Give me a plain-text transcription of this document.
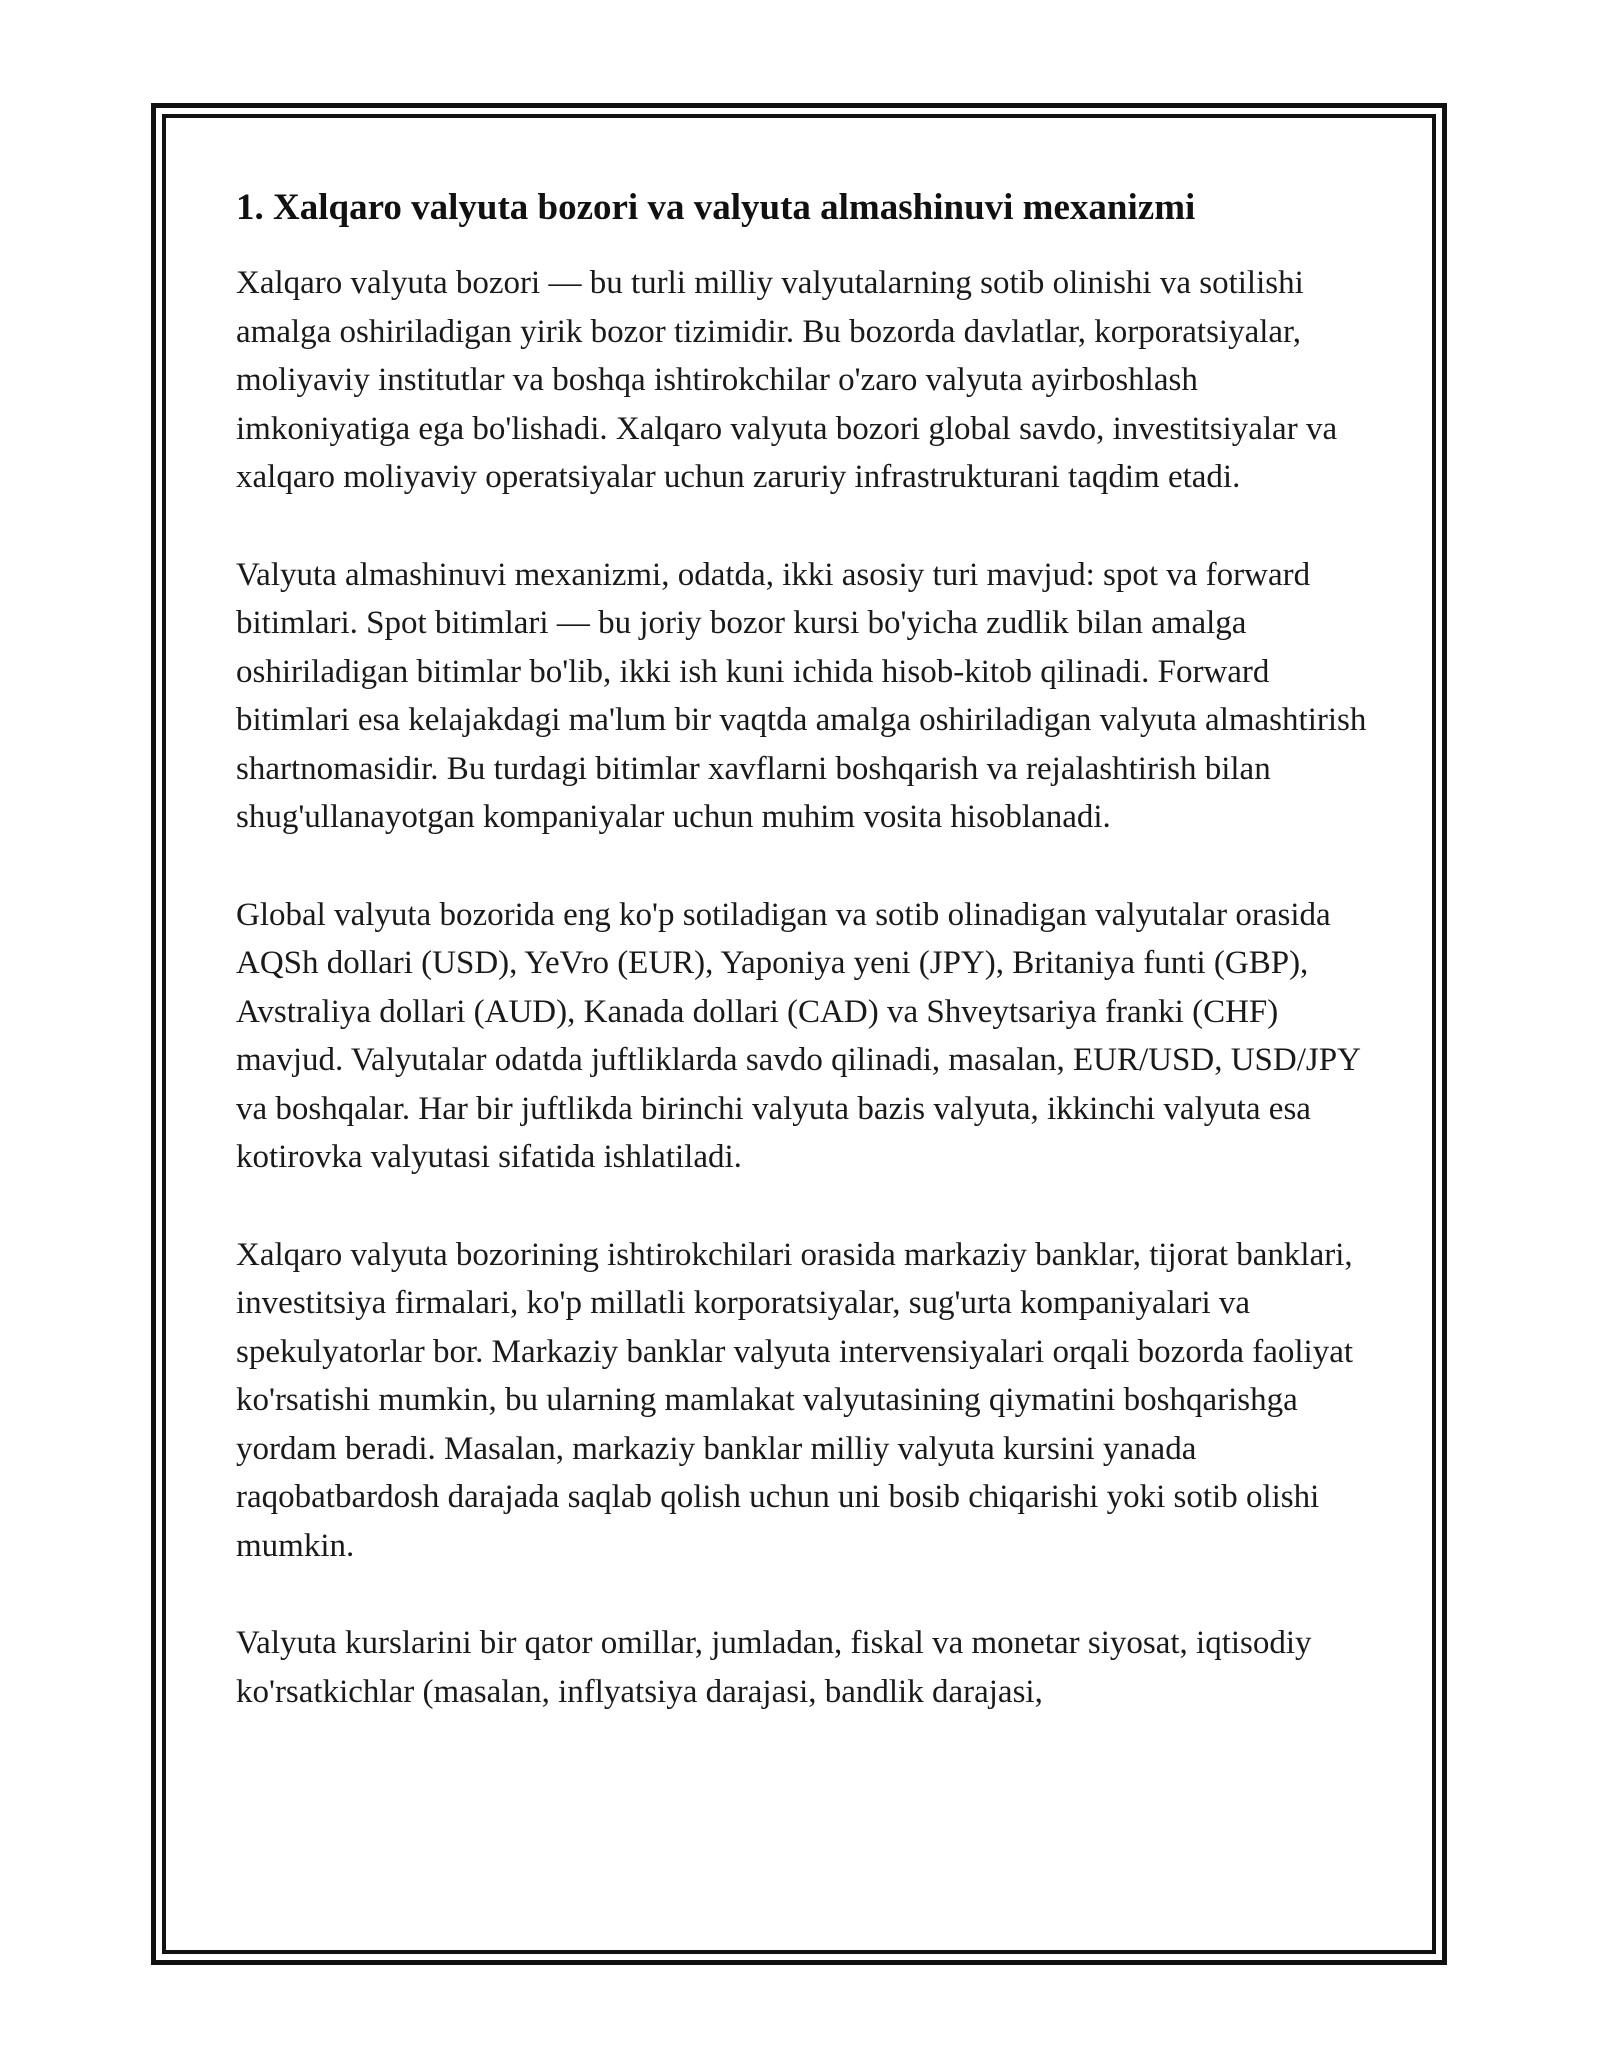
1. Xalqaro valyuta bozori va valyuta almashinuvi mexanizmi

Xalqaro valyuta bozori — bu turli milliy valyutalarning sotib olinishi va sotilishi amalga oshiriladigan yirik bozor tizimidir. Bu bozorda davlatlar, korporatsiyalar, moliyaviy institutlar va boshqa ishtirokchilar o'zaro valyuta ayirboshlash imkoniyatiga ega bo'lishadi. Xalqaro valyuta bozori global savdo, investitsiyalar va xalqaro moliyaviy operatsiyalar uchun zaruriy infrastrukturani taqdim etadi.

Valyuta almashinuvi mexanizmi, odatda, ikki asosiy turi mavjud: spot va forward bitimlari. Spot bitimlari — bu joriy bozor kursi bo'yicha zudlik bilan amalga oshiriladigan bitimlar bo'lib, ikki ish kuni ichida hisob-kitob qilinadi. Forward bitimlari esa kelajakdagi ma'lum bir vaqtda amalga oshiriladigan valyuta almashtirish shartnomasidir. Bu turdagi bitimlar xavflarni boshqarish va rejalashtirish bilan shug'ullanayotgan kompaniyalar uchun muhim vosita hisoblanadi.

Global valyuta bozorida eng ko'p sotiladigan va sotib olinadigan valyutalar orasida AQSh dollari (USD), YeVro (EUR), Yaponiya yeni (JPY), Britaniya funti (GBP), Avstraliya dollari (AUD), Kanada dollari (CAD) va Shveytsariya franki (CHF) mavjud. Valyutalar odatda juftliklarda savdo qilinadi, masalan, EUR/USD, USD/JPY va boshqalar. Har bir juftlikda birinchi valyuta bazis valyuta, ikkinchi valyuta esa kotirovka valyutasi sifatida ishlatiladi.

Xalqaro valyuta bozorining ishtirokchilari orasida markaziy banklar, tijorat banklari, investitsiya firmalari, ko'p millatli korporatsiyalar, sug'urta kompaniyalari va spekulyatorlar bor. Markaziy banklar valyuta intervensiyalari orqali bozorda faoliyat ko'rsatishi mumkin, bu ularning mamlakat valyutasining qiymatini boshqarishga yordam beradi. Masalan, markaziy banklar milliy valyuta kursini yanada raqobatbardosh darajada saqlab qolish uchun uni bosib chiqarishi yoki sotib olishi mumkin.

Valyuta kurslarini bir qator omillar, jumladan, fiskal va monetar siyosat, iqtisodiy ko'rsatkichlar (masalan, inflyatsiya darajasi, bandlik darajasi,
